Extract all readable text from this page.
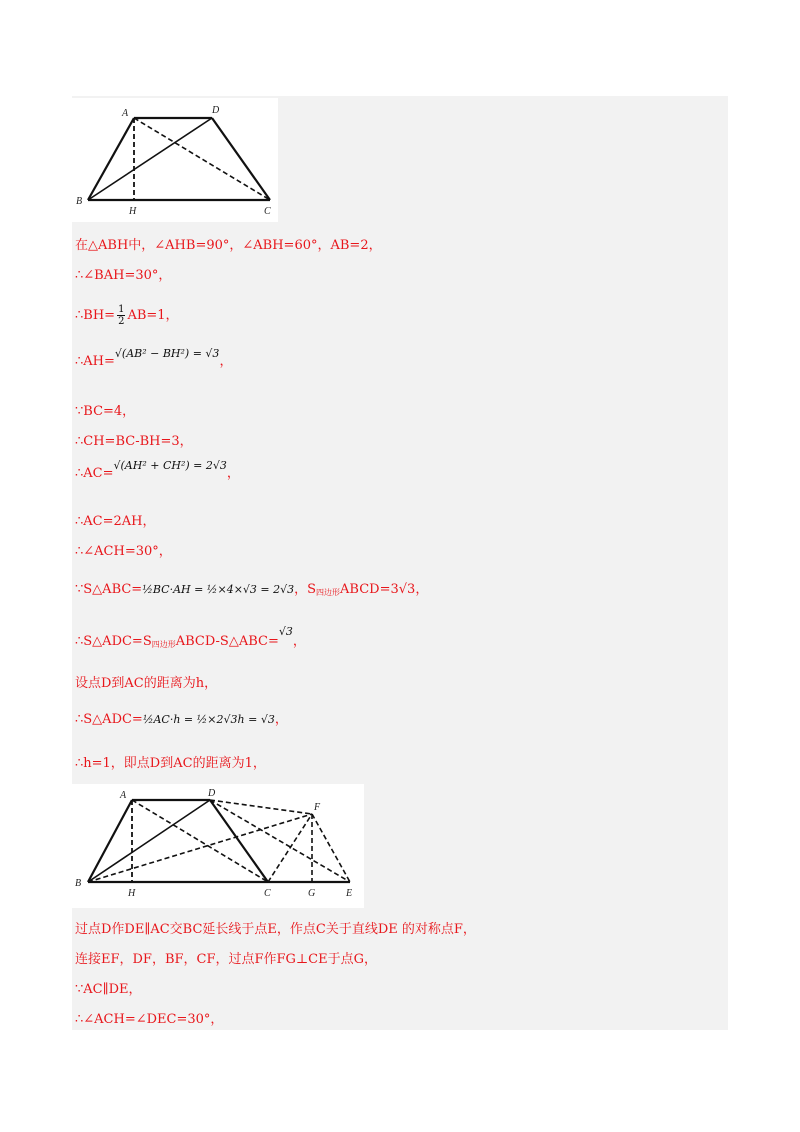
A	D
B
H	C
在△ABH中，∠AHB=90°，∠ABH=60°，AB=2，
∴∠BAH=30°，
∴BH= $\frac{1}{2} AB=1$，
∴AH=$^{√(AB^2 - BH^2) = √3}$，
∵BC=4，
∴CH=BC-BH=3，
∴AC=$^{√(AH^2 + CH^2) = 2√3}$，
∴AC=2AH，
∴∠ACH=30°，
∵S△ABC=½BC·AH = ½×4×√3 = 2√3，$S_{四边形}ABCD=3√3$，
$\therefore S\triangle ADC=S_{四边形}ABCD-S\triangle ABC=^{√3}$，
设点D到AC的距离为h，
∴S△ADC=½AC·h = ½×2√3h = √3，
∴h=1，即点D到AC的距离为1，
A	D
F
B
H	C	G	E
过点D作DE∥AC交BC延长线于点E，作点C关于直线DE 的对称点F，
连接EF，DF，BF，CF，过点F作FG⊥CE于点G，
∵AC∥DE，
∴∠ACH=∠DEC=30°，
